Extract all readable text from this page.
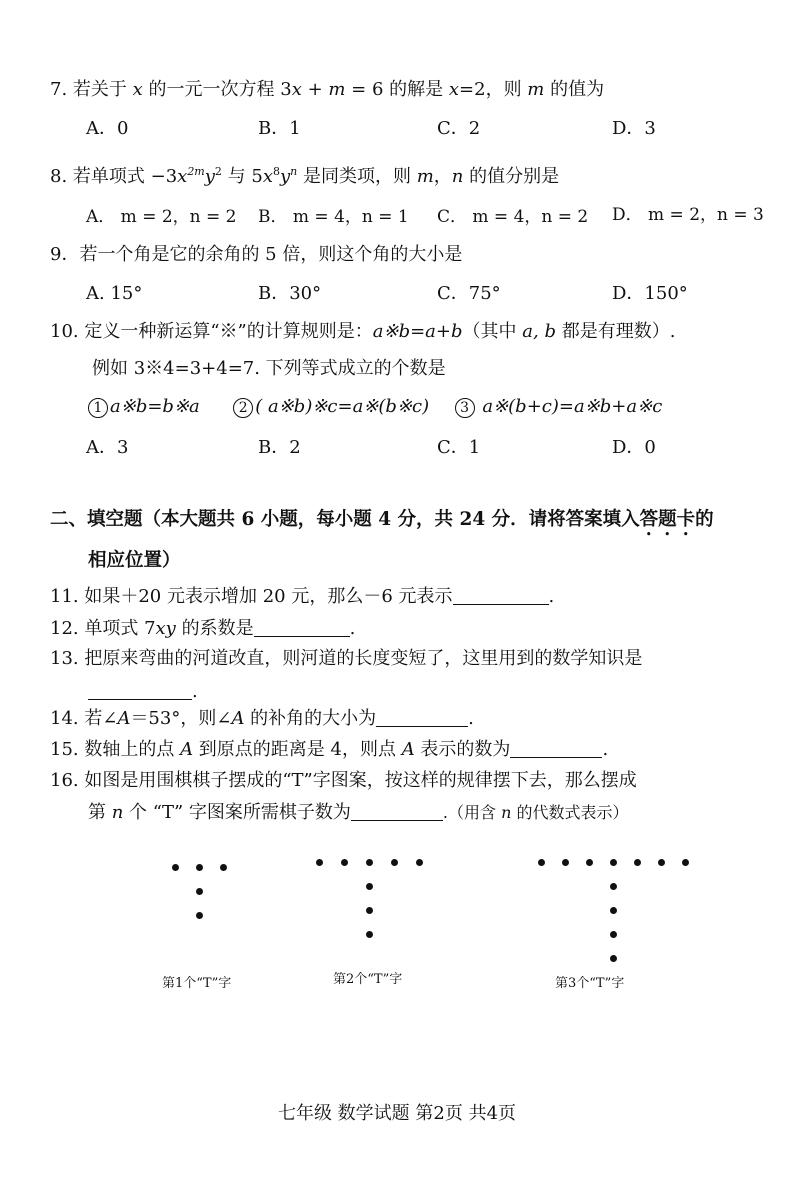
7. 若关于 x 的一元一次方程 3x + m = 6 的解是 x=2，则 m 的值为
A．0	B．1	C．2	D．3
8. 若单项式 $-3x^{2m}y^2$ 与 $5x^8y^n$ 是同类项，则 m，n 的值分别是
A． m = 2，n = 2 B． m = 4，n = 1 C． m = 4，n = 2 D． m = 2，n = 3
9．若一个角是它的余角的 5 倍，则这个角的大小是
A. 15°	B．30°	C．75°	D．150°
10. 定义一种新运算“※”的计算规则是：a※b=a+b（其中 a, b 都是有理数）.
例如 3※4=3+4=7. 下列等式成立的个数是
1 a※b=b※a	2 ( a※b)※c=a※(b※c) 3 a※(b+c)=a※b+a※c
A．3	B．2	C．1	D．0
二、填空题（本大题共 6 小题，每小题 4 分，共 24 分．请将答案填入答题卡的
相应位置）
11. 如果＋20 元表示增加 20 元，那么－6 元表示	.
12. 单项式 7xy 的系数是	.
13. 把原来弯曲的河道改直，则河道的长度变短了，这里用到的数学知识是
.
14. 若∠A＝53°，则∠A 的补角的大小为	.
15. 数轴上的点 A 到原点的距离是 4，则点 A 表示的数为	.
16. 如图是用围棋棋子摆成的“T”字图案，按这样的规律摆下去，那么摆成
第 n 个 “T” 字图案所需棋子数为	.（用含 n 的代数式表示）
第1个“T”字	第2个“T”字	第3个“T”字
七年级 数学试题 第2页 共4页
